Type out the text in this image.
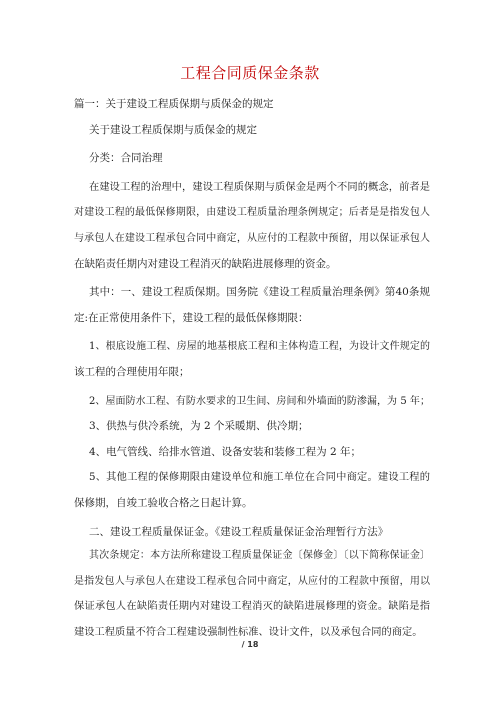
工程合同质保金条款
篇一：关于建设工程质保期与质保金的规定
关于建设工程质保期与质保金的规定
分类：合同治理
在建设工程的治理中，建设工程质保期与质保金是两个不同的概念，前者是
对建设工程的最低保修期限，由建设工程质量治理条例规定；后者是是指发包人
与承包人在建设工程承包合同中商定，从应付的工程款中预留，用以保证承包人
在缺陷责任期内对建设工程消灭的缺陷进展修理的资金。
其中：一、建设工程质保期。国务院《建设工程质量治理条例》第40条规
定:在正常使用条件下，建设工程的最低保修期限：
1、根底设施工程、房屋的地基根底工程和主体构造工程，为设计文件规定的
该工程的合理使用年限；
2、屋面防水工程、有防水要求的卫生间、房间和外墙面的防渗漏，为 5 年；
3、供热与供冷系统，为 2 个采暖期、供冷期；
4、电气管线、给排水管道、设备安装和装修工程为 2 年；
5、其他工程的保修期限由建设单位和施工单位在合同中商定。建设工程的
保修期，自竣工验收合格之日起计算。
二、建设工程质量保证金。《建设工程质量保证金治理暂行方法》
其次条规定：本方法所称建设工程质量保证金〔保修金〕〔以下简称保证金〕
是指发包人与承包人在建设工程承包合同中商定，从应付的工程款中预留，用以
保证承包人在缺陷责任期内对建设工程消灭的缺陷进展修理的资金。缺陷是指
建设工程质量不符合工程建设强制性标准、设计文件，以及承包合同的商定。
/ 18
